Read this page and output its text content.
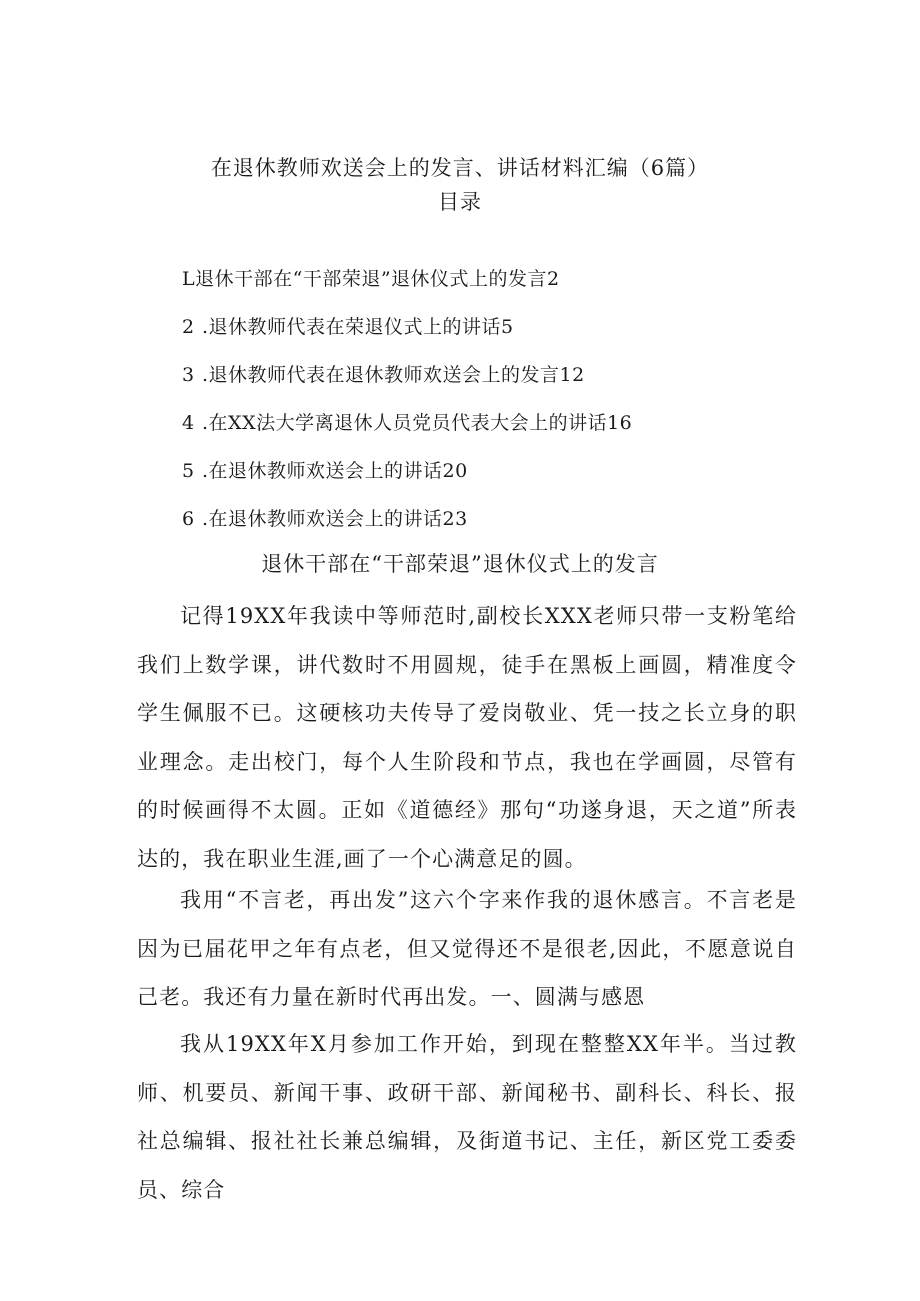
在退休教师欢送会上的发言、讲话材料汇编（6篇）
目录
L退休干部在“干部荣退”退休仪式上的发言2
2 .退休教师代表在荣退仪式上的讲话5
3 .退休教师代表在退休教师欢送会上的发言12
4 .在XX法大学离退休人员党员代表大会上的讲话16
5 .在退休教师欢送会上的讲话20
6 .在退休教师欢送会上的讲话23
退休干部在“干部荣退”退休仪式上的发言

记得19XX年我读中等师范时,副校长XXX老师只带一支粉笔给我们上数学课，讲代数时不用圆规，徒手在黑板上画圆，精准度令学生佩服不已。这硬核功夫传导了爱岗敬业、凭一技之长立身的职业理念。走出校门，每个人生阶段和节点，我也在学画圆，尽管有的时候画得不太圆。正如《道德经》那句“功遂身退，天之道”所表达的，我在职业生涯,画了一个心满意足的圆。

我用“不言老，再出发”这六个字来作我的退休感言。不言老是因为已届花甲之年有点老，但又觉得还不是很老,因此，不愿意说自己老。我还有力量在新时代再出发。一、圆满与感恩

我从19XX年X月参加工作开始，到现在整整XX年半。当过教师、机要员、新闻干事、政研干部、新闻秘书、副科长、科长、报社总编辑、报社社长兼总编辑，及街道书记、主任，新区党工委委员、综合
